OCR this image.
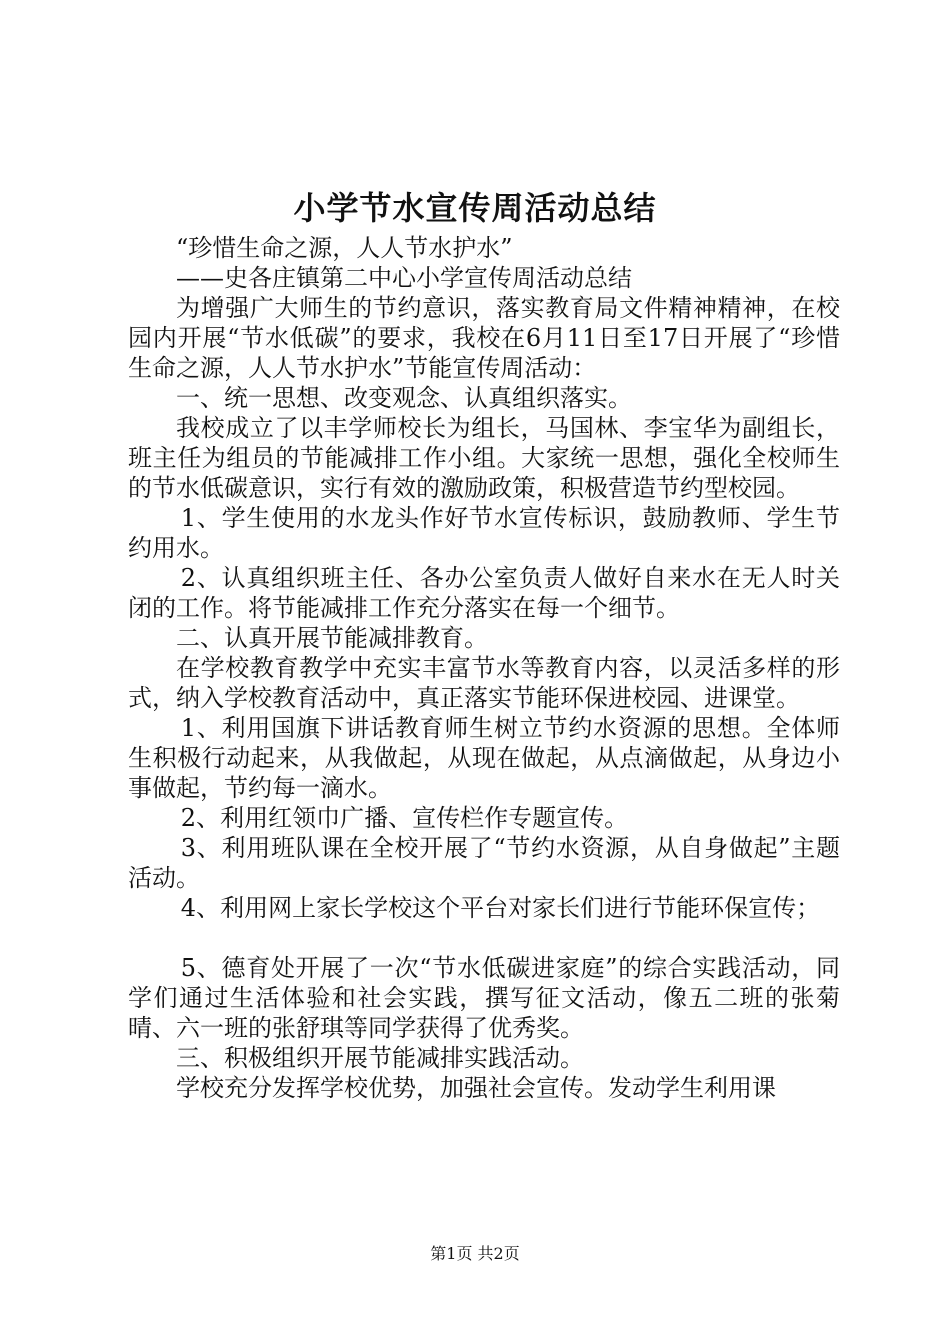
小学节水宣传周活动总结

“珍惜生命之源，人人节水护水”

——史各庄镇第二中心小学宣传周活动总结

为增强广大师生的节约意识，落实教育局文件精神精神，在校园内开展“节水低碳”的要求，我校在6月11日至17日开展了“珍惜生命之源，人人节水护水”节能宣传周活动：

一、统一思想、改变观念、认真组织落实。

我校成立了以丰学师校长为组长，马国林、李宝华为副组长，班主任为组员的节能减排工作小组。大家统一思想，强化全校师生的节水低碳意识，实行有效的激励政策，积极营造节约型校园。

1、学生使用的水龙头作好节水宣传标识，鼓励教师、学生节约用水。

2、认真组织班主任、各办公室负责人做好自来水在无人时关闭的工作。将节能减排工作充分落实在每一个细节。

二、认真开展节能减排教育。

在学校教育教学中充实丰富节水等教育内容，以灵活多样的形式，纳入学校教育活动中，真正落实节能环保进校园、进课堂。

1、利用国旗下讲话教育师生树立节约水资源的思想。全体师生积极行动起来，从我做起，从现在做起，从点滴做起，从身边小事做起，节约每一滴水。

2、利用红领巾广播、宣传栏作专题宣传。

3、利用班队课在全校开展了“节约水资源，从自身做起”主题活动。

4、利用网上家长学校这个平台对家长们进行节能环保宣传；

5、德育处开展了一次“节水低碳进家庭”的综合实践活动，同学们通过生活体验和社会实践，撰写征文活动，像五二班的张菊晴、六一班的张舒琪等同学获得了优秀奖。

三、积极组织开展节能减排实践活动。

学校充分发挥学校优势，加强社会宣传。发动学生利用课

第1页 共2页
